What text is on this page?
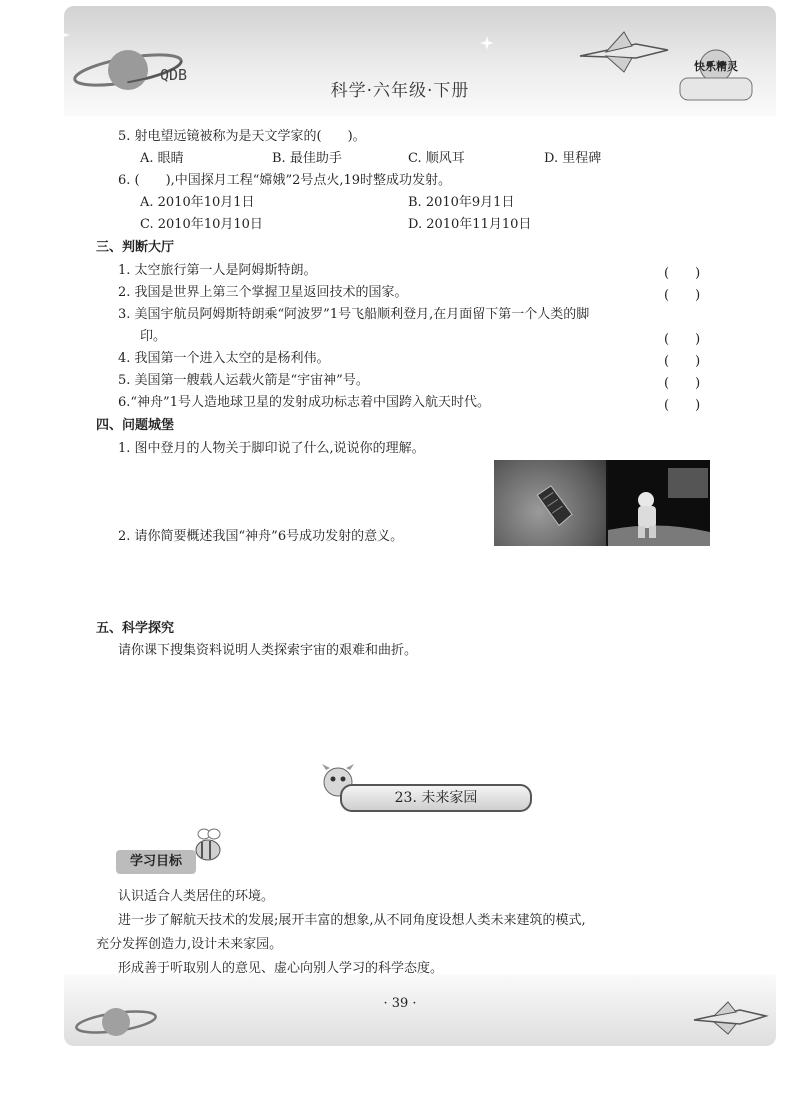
快乐精灵
QDB
科学·六年级·下册
5. 射电望远镜被称为是天文学家的(　　)。
A. 眼睛	B. 最佳助手	C. 顺风耳	D. 里程碑
6. (　　),中国探月工程“嫦娥”2号点火,19时整成功发射。
A. 2010年10月1日	B. 2010年9月1日
C. 2010年10月10日	D. 2010年11月10日
三、判断大厅
1. 太空旅行第一人是阿姆斯特朗。	(　　)
2. 我国是世界上第三个掌握卫星返回技术的国家。	(　　)
3. 美国宇航员阿姆斯特朗乘“阿波罗”1号飞船顺利登月,在月面留下第一个人类的脚
印。	(　　)
4. 我国第一个进入太空的是杨利伟。	(　　)
5. 美国第一艘载人运载火箭是“宇宙神”号。	(　　)
6.“神舟”1号人造地球卫星的发射成功标志着中国跨入航天时代。	(　　)
四、问题城堡
1. 图中登月的人物关于脚印说了什么,说说你的理解。
2. 请你简要概述我国“神舟”6号成功发射的意义。
五、科学探究
请你课下搜集资料说明人类探索宇宙的艰难和曲折。
23. 未来家园
学习目标
认识适合人类居住的环境。
进一步了解航天技术的发展;展开丰富的想象,从不同角度设想人类未来建筑的模式,
充分发挥创造力,设计未来家园。
形成善于听取别人的意见、虚心向别人学习的科学态度。
· 39 ·
